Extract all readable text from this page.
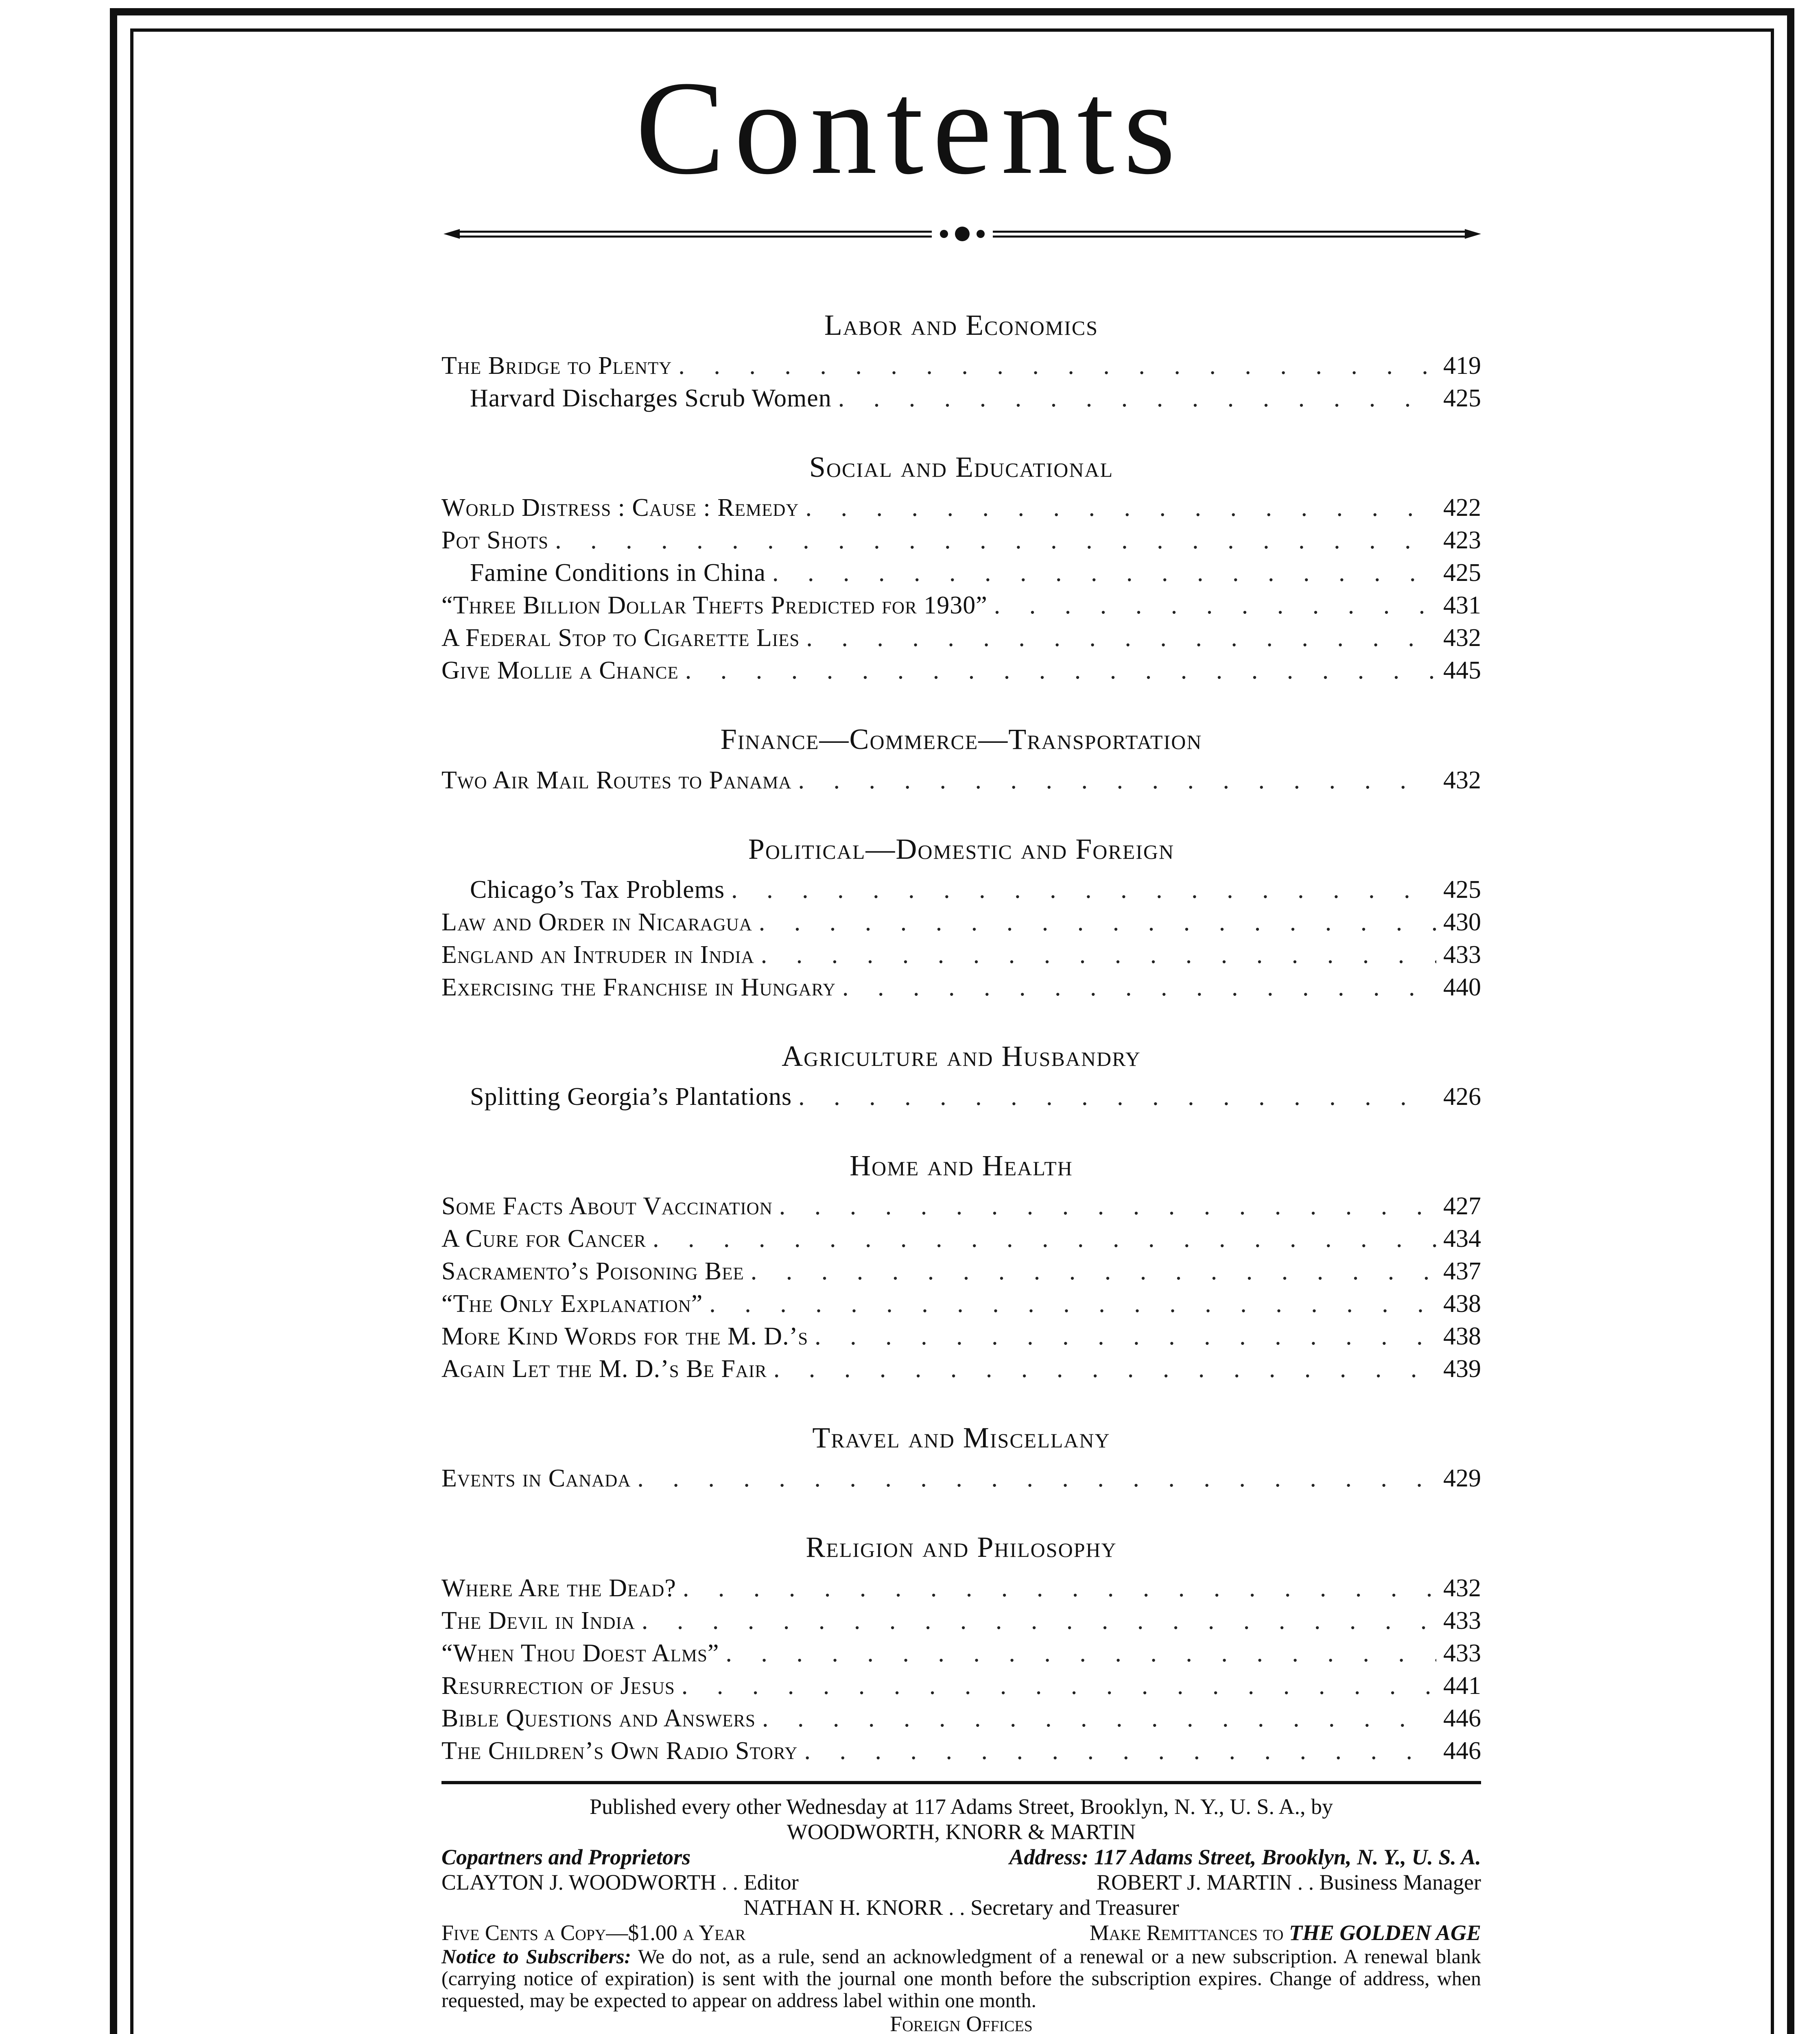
Contents
Labor and Economics
The Bridge to Plenty . . .	419
Harvard Discharges Scrub Women . . .	425
Social and Educational
World Distress : Cause : Remedy . . .	422
Pot Shots . . .	423
Famine Conditions in China . . .	425
“Three Billion Dollar Thefts Predicted for 1930” . . .	431
A Federal Stop to Cigarette Lies . . .	432
Give Mollie a Chance . . .	445
Finance—Commerce—Transportation
Two Air Mail Routes to Panama . . .	432
Political—Domestic and Foreign
Chicago’s Tax Problems . . .	425
Law and Order in Nicaragua . . .	430
England an Intruder in India . . .	433
Exercising the Franchise in Hungary . . .	440
Agriculture and Husbandry
Splitting Georgia’s Plantations . . .	426
Home and Health
Some Facts About Vaccination . . .	427
A Cure for Cancer . . .	434
Sacramento’s Poisoning Bee . . .	437
“The Only Explanation” . . .	438
More Kind Words for the M. D.’s . . .	438
Again Let the M. D.’s Be Fair . . .	439
Travel and Miscellany
Events in Canada . . .	429
Religion and Philosophy
Where Are the Dead? . . .	432
The Devil in India . . .	433
“When Thou Doest Alms” . . .	433
Resurrection of Jesus . . .	441
Bible Questions and Answers . . .	446
The Children’s Own Radio Story . . .	446
Published every other Wednesday at 117 Adams Street, Brooklyn, N. Y., U. S. A., by
WOODWORTH, KNORR & MARTIN
Copartners and Proprietors	Address: 117 Adams Street, Brooklyn, N. Y., U. S. A.
CLAYTON J. WOODWORTH . . Editor	ROBERT J. MARTIN . . Business Manager
NATHAN H. KNORR . . Secretary and Treasurer
Five Cents a Copy—$1.00 a Year	Make Remittances to THE GOLDEN AGE
Notice to Subscribers: We do not, as a rule, send an acknowledgment of a renewal or a new subscription. A renewal blank (carrying notice of expiration) is sent with the journal one month before the subscription expires. Change of address, when requested, may be expected to appear on address label within one month.
Foreign Offices
